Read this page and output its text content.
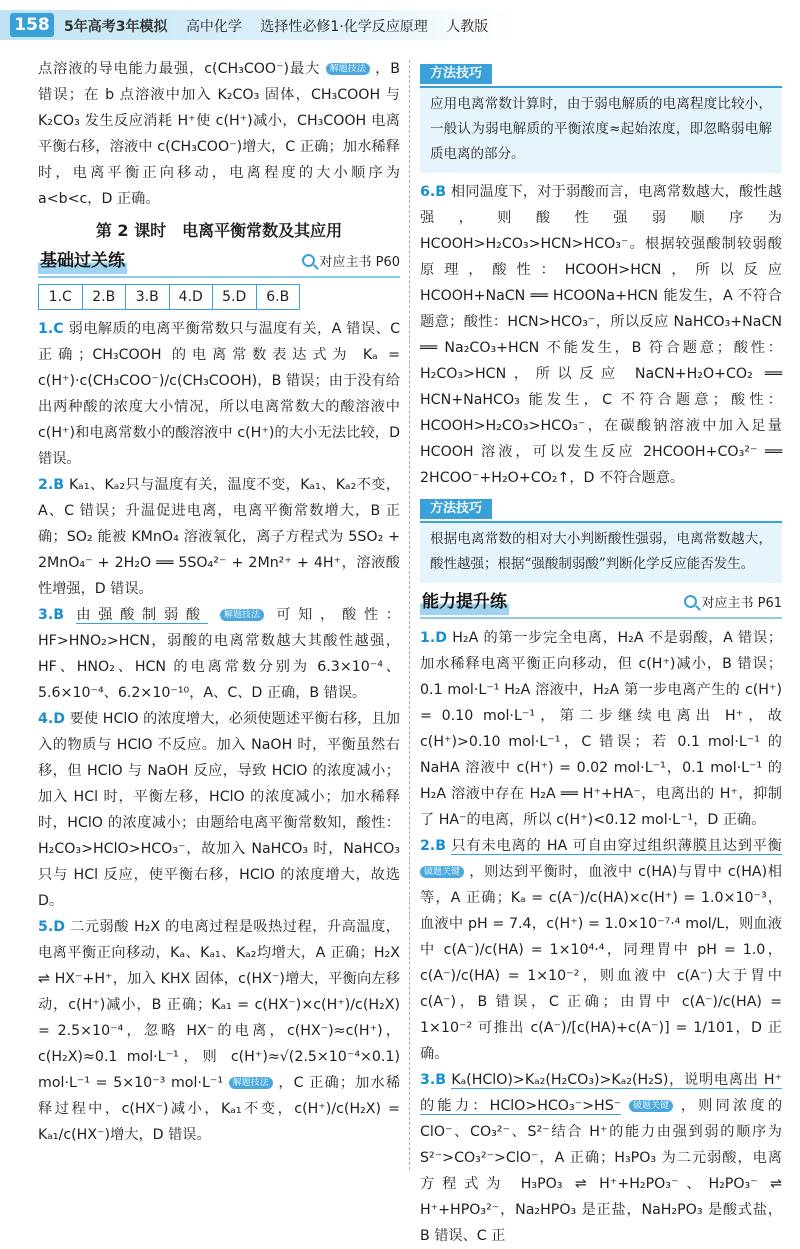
158	5年高考3年模拟 高中化学 选择性必修1·化学反应原理 人教版

点溶液的导电能力最强，c(CH₃COO⁻)最大 解题技法 ，B 错误；在 b 点溶液中加入 K₂CO₃ 固体，CH₃COOH 与 K₂CO₃ 发生反应消耗 H⁺使 c(H⁺)减小，CH₃COOH 电离平衡右移，溶液中 c(CH₃COO⁻)增大，C 正确；加水稀释时，电离平衡正向移动，电离程度的大小顺序为 a<b<c，D 正确。

第 2 课时　电离平衡常数及其应用
基础过关练	对应主书 P60
1.C	2.B	3.B	4.D	5.D	6.B

1.C 弱电解质的电离平衡常数只与温度有关，A 错误、C 正确；CH₃COOH 的电离常数表达式为 Kₐ = c(H⁺)·c(CH₃COO⁻)/c(CH₃COOH)，B 错误；由于没有给出两种酸的浓度大小情况，所以电离常数大的酸溶液中 c(H⁺)和电离常数小的酸溶液中 c(H⁺)的大小无法比较，D 错误。

2.B Kₐ₁、Kₐ₂只与温度有关，温度不变，Kₐ₁、Kₐ₂不变，A、C 错误；升温促进电离，电离平衡常数增大，B 正确；SO₂ 能被 KMnO₄ 溶液氧化，离子方程式为 5SO₂ + 2MnO₄⁻ + 2H₂O ══ 5SO₄²⁻ + 2Mn²⁺ + 4H⁺，溶液酸性增强，D 错误。

3.B 由强酸制弱酸 解题技法 可知，酸性：HF>HNO₂>HCN，弱酸的电离常数越大其酸性越强，HF、HNO₂、HCN 的电离常数分别为 6.3×10⁻⁴、5.6×10⁻⁴、6.2×10⁻¹⁰，A、C、D 正确，B 错误。

4.D 要使 HClO 的浓度增大，必须使题述平衡右移，且加入的物质与 HClO 不反应。加入 NaOH 时，平衡虽然右移，但 HClO 与 NaOH 反应，导致 HClO 的浓度减小；加入 HCl 时，平衡左移，HClO 的浓度减小；加水稀释时，HClO 的浓度减小；由题给电离平衡常数知，酸性：H₂CO₃>HClO>HCO₃⁻，故加入 NaHCO₃ 时，NaHCO₃ 只与 HCl 反应，使平衡右移，HClO 的浓度增大，故选 D。

5.D 二元弱酸 H₂X 的电离过程是吸热过程，升高温度，电离平衡正向移动，Kₐ、Kₐ₁、Kₐ₂均增大，A 正确；H₂X ⇌ HX⁻+H⁺，加入 KHX 固体，c(HX⁻)增大，平衡向左移动，c(H⁺)减小，B 正确；Kₐ₁ = c(HX⁻)×c(H⁺)/c(H₂X) = 2.5×10⁻⁴，忽略 HX⁻的电离，c(HX⁻)≈c(H⁺)，c(H₂X)≈0.1 mol·L⁻¹，则 c(H⁺)≈√(2.5×10⁻⁴×0.1) mol·L⁻¹ = 5×10⁻³ mol·L⁻¹ 解题技法 ，C 正确；加水稀释过程中，c(HX⁻)减小，Kₐ₁不变，c(H⁺)/c(H₂X) = Kₐ₁/c(HX⁻)增大，D 错误。

方法技巧
应用电离常数计算时，由于弱电解质的电离程度比较小，一般认为弱电解质的平衡浓度≈起始浓度，即忽略弱电解质电离的部分。

6.B 相同温度下，对于弱酸而言，电离常数越大，酸性越强，则酸性强弱顺序为 HCOOH>H₂CO₃>HCN>HCO₃⁻。根据较强酸制较弱酸原理，酸性：HCOOH>HCN，所以反应 HCOOH+NaCN ══ HCOONa+HCN 能发生，A 不符合题意；酸性：HCN>HCO₃⁻，所以反应 NaHCO₃+NaCN ══ Na₂CO₃+HCN 不能发生，B 符合题意；酸性：H₂CO₃>HCN，所以反应 NaCN+H₂O+CO₂ ══ HCN+NaHCO₃ 能发生，C 不符合题意；酸性：HCOOH>H₂CO₃>HCO₃⁻，在碳酸钠溶液中加入足量 HCOOH 溶液，可以发生反应 2HCOOH+CO₃²⁻ ══ 2HCOO⁻+H₂O+CO₂↑，D 不符合题意。

方法技巧
根据电离常数的相对大小判断酸性强弱，电离常数越大，酸性越强；根据“强酸制弱酸”判断化学反应能否发生。
能力提升练	对应主书 P61

1.D H₂A 的第一步完全电离，H₂A 不是弱酸，A 错误；加水稀释电离平衡正向移动，但 c(H⁺)减小，B 错误；0.1 mol·L⁻¹ H₂A 溶液中，H₂A 第一步电离产生的 c(H⁺) = 0.10 mol·L⁻¹，第二步继续电离出 H⁺，故 c(H⁺)>0.10 mol·L⁻¹，C 错误；若 0.1 mol·L⁻¹ 的 NaHA 溶液中 c(H⁺) = 0.02 mol·L⁻¹，0.1 mol·L⁻¹ 的 H₂A 溶液中存在 H₂A ══ H⁺+HA⁻，电离出的 H⁺，抑制了 HA⁻的电离，所以 c(H⁺)<0.12 mol·L⁻¹，D 正确。

2.B 只有未电离的 HA 可自由穿过组织薄膜且达到平衡 破题关键 ，则达到平衡时，血液中 c(HA)与胃中 c(HA)相等，A 正确；Kₐ = c(A⁻)/c(HA)×c(H⁺) = 1.0×10⁻³，血液中 pH = 7.4，c(H⁺) = 1.0×10⁻⁷·⁴ mol/L，则血液中 c(A⁻)/c(HA) = 1×10⁴·⁴，同理胃中 pH = 1.0，c(A⁻)/c(HA) = 1×10⁻²，则血液中 c(A⁻)大于胃中 c(A⁻)，B 错误，C 正确；由胃中 c(A⁻)/c(HA) = 1×10⁻² 可推出 c(A⁻)/[c(HA)+c(A⁻)] = 1/101，D 正确。

3.B Kₐ(HClO)>Kₐ₂(H₂CO₃)>Kₐ₂(H₂S)，说明电离出 H⁺的能力：HClO>HCO₃⁻>HS⁻ 破题关键 ，则同浓度的 ClO⁻、CO₃²⁻、S²⁻结合 H⁺的能力由强到弱的顺序为 S²⁻>CO₃²⁻>ClO⁻，A 正确；H₃PO₃ 为二元弱酸，电离方程式为 H₃PO₃ ⇌ H⁺+H₂PO₃⁻、H₂PO₃⁻ ⇌ H⁺+HPO₃²⁻，Na₂HPO₃ 是正盐，NaH₂PO₃ 是酸式盐，B 错误、C 正
